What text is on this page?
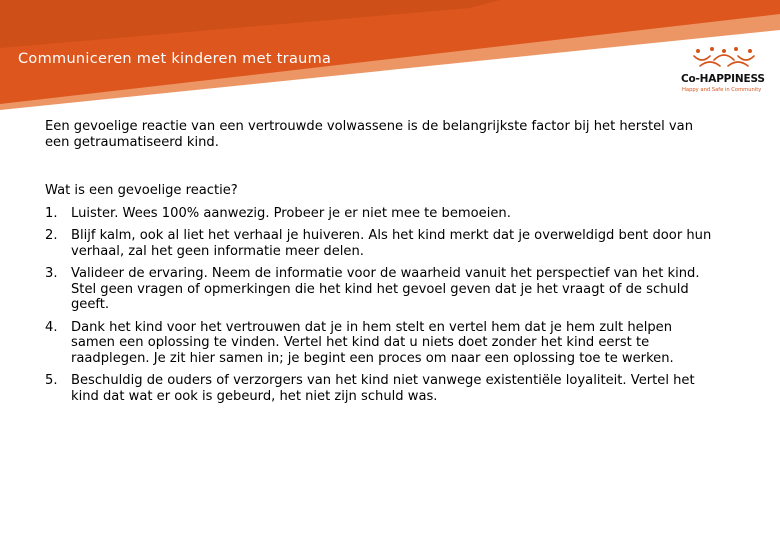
Communiceren met kinderen met trauma
Co-HAPPINESS
Happy and Safe in Community

Een gevoelige reactie van een vertrouwde volwassene is de belangrijkste factor bij het herstel van een getraumatiseerd kind.

Wat is een gevoelige reactie?

1. Luister. Wees 100% aanwezig. Probeer je er niet mee te bemoeien.
2. Blijf kalm, ook al liet het verhaal je huiveren. Als het kind merkt dat je overweldigd bent door hun verhaal, zal het geen informatie meer delen.
3. Valideer de ervaring. Neem de informatie voor de waarheid vanuit het perspectief van het kind. Stel geen vragen of opmerkingen die het kind het gevoel geven dat je het vraagt of de schuld geeft.
4. Dank het kind voor het vertrouwen dat je in hem stelt en vertel hem dat je hem zult helpen samen een oplossing te vinden. Vertel het kind dat u niets doet zonder het kind eerst te raadplegen. Je zit hier samen in; je begint een proces om naar een oplossing toe te werken.
5. Beschuldig de ouders of verzorgers van het kind niet vanwege existentiële loyaliteit. Vertel het kind dat wat er ook is gebeurd, het niet zijn schuld was.
